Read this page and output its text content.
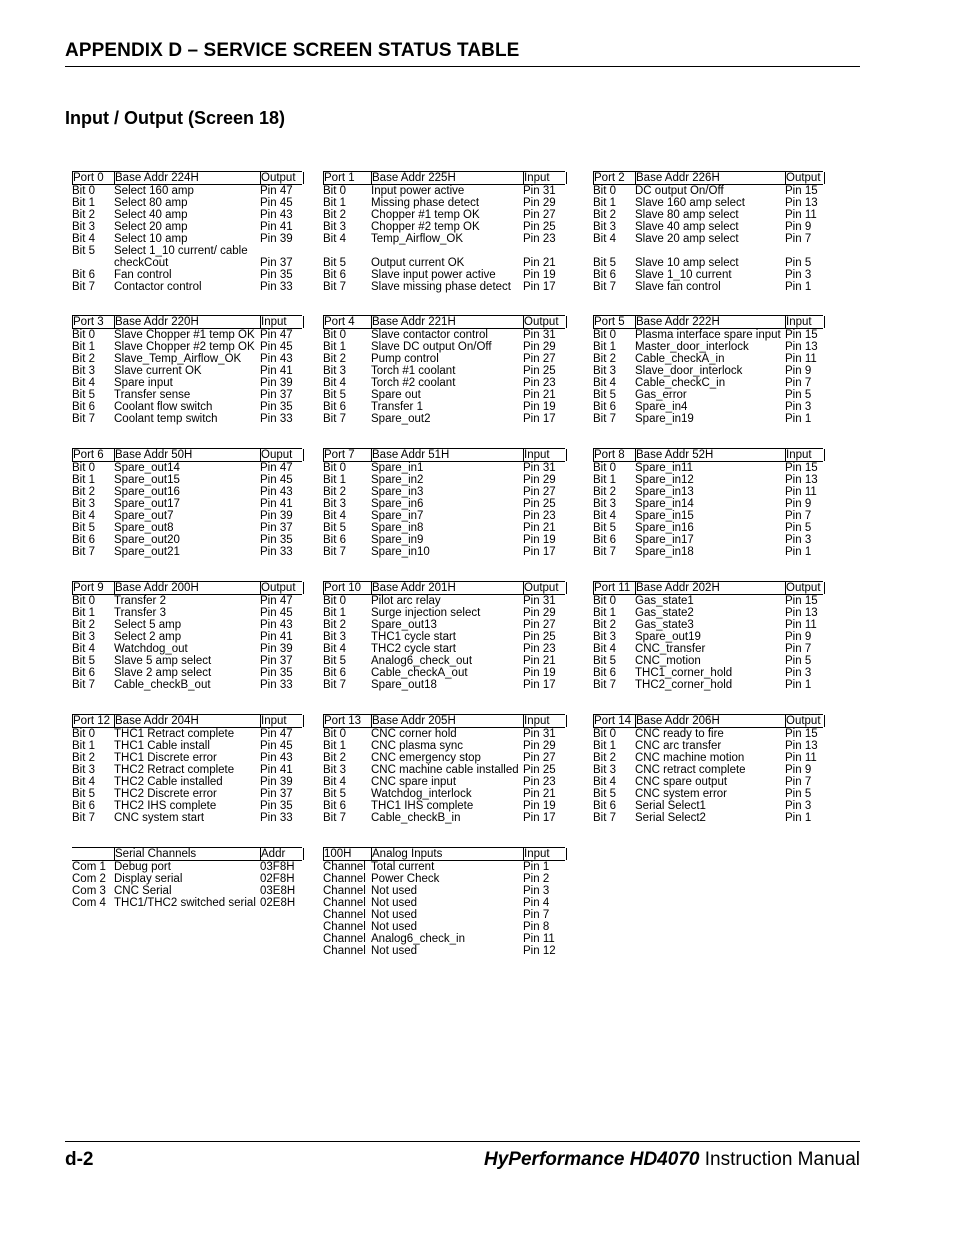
APPENDIX D – SERVICE SCREEN STATUS TABLE
Input / Output (Screen 18)
Port 0 Base Addr 224H	Output
Bit 0	Select 160 amp	Pin 47
Bit 1	Select 80 amp	Pin 45
Bit 2	Select 40 amp	Pin 43
Bit 3	Select 20 amp	Pin 41
Bit 4	Select 10 amp	Pin 39
Bit 5	Select 1_10 current/ cable checkCout	Pin 37
Bit 6	Fan control	Pin 35
Bit 7	Contactor control	Pin 33
Port 1	Base Addr 225H	Input
Bit 0	Input power active	Pin 31
Bit 1	Missing phase detect	Pin 29
Bit 2	Chopper #1 temp OK	Pin 27
Bit 3	Chopper #2 temp OK	Pin 25
Bit 4	Temp_Airflow_OK	Pin 23
Bit 5	Output current OK	Pin 21
Bit 6	Slave input power active	Pin 19
Bit 7	Slave missing phase detect	Pin 17
Port 2 Base Addr 226H	Output
Bit 0	DC output On/Off	Pin 15
Bit 1	Slave 160 amp select	Pin 13
Bit 2	Slave 80 amp select	Pin 11
Bit 3	Slave 40 amp select	Pin 9
Bit 4	Slave 20 amp select	Pin 7
Bit 5	Slave 10 amp select	Pin 5
Bit 6	Slave 1_10 current	Pin 3
Bit 7	Slave fan control	Pin 1
Port 3 Base Addr 220H	Input
Bit 0	Slave Chopper #1 temp OK Pin 47
Bit 1	Slave Chopper #2 temp OK Pin 45
Bit 2	Slave_Temp_Airflow_OK	Pin 43
Bit 3	Slave current OK	Pin 41
Bit 4	Spare input	Pin 39
Bit 5	Transfer sense	Pin 37
Bit 6	Coolant flow switch	Pin 35
Bit 7	Coolant temp switch	Pin 33
Port 4	Base Addr 221H	Output
Bit 0	Slave contactor control	Pin 31
Bit 1	Slave DC output On/Off	Pin 29
Bit 2	Pump control	Pin 27
Bit 3	Torch #1 coolant	Pin 25
Bit 4	Torch #2 coolant	Pin 23
Bit 5	Spare out	Pin 21
Bit 6	Transfer 1	Pin 19
Bit 7	Spare_out2	Pin 17
Port 5 Base Addr 222H	Input
Bit 0	Plasma interface spare input Pin 15
Bit 1	Master_door_interlock	Pin 13
Bit 2	Cable_checkA_in	Pin 11
Bit 3	Slave_door_interlock	Pin 9
Bit 4	Cable_checkC_in	Pin 7
Bit 5	Gas_error	Pin 5
Bit 6	Spare_in4	Pin 3
Bit 7	Spare_in19	Pin 1
Port 6 Base Addr 50H	Ouput
Bit 0	Spare_out14	Pin 47
Bit 1	Spare_out15	Pin 45
Bit 2	Spare_out16	Pin 43
Bit 3	Spare_out17	Pin 41
Bit 4	Spare_out7	Pin 39
Bit 5	Spare_out8	Pin 37
Bit 6	Spare_out20	Pin 35
Bit 7	Spare_out21	Pin 33
Port 7	Base Addr 51H	Input
Bit 0	Spare_in1	Pin 31
Bit 1	Spare_in2	Pin 29
Bit 2	Spare_in3	Pin 27
Bit 3	Spare_in6	Pin 25
Bit 4	Spare_in7	Pin 23
Bit 5	Spare_in8	Pin 21
Bit 6	Spare_in9	Pin 19
Bit 7	Spare_in10	Pin 17
Port 8 Base Addr 52H	Input
Bit 0	Spare_in11	Pin 15
Bit 1	Spare_in12	Pin 13
Bit 2	Spare_in13	Pin 11
Bit 3	Spare_in14	Pin 9
Bit 4	Spare_in15	Pin 7
Bit 5	Spare_in16	Pin 5
Bit 6	Spare_in17	Pin 3
Bit 7	Spare_in18	Pin 1
Port 9 Base Addr 200H	Output
Bit 0	Transfer 2	Pin 47
Bit 1	Transfer 3	Pin 45
Bit 2	Select 5 amp	Pin 43
Bit 3	Select 2 amp	Pin 41
Bit 4	Watchdog_out	Pin 39
Bit 5	Slave 5 amp select	Pin 37
Bit 6	Slave 2 amp select	Pin 35
Bit 7	Cable_checkB_out	Pin 33
Port 10 Base Addr 201H	Output
Bit 0	Pilot arc relay	Pin 31
Bit 1	Surge injection select	Pin 29
Bit 2	Spare_out13	Pin 27
Bit 3	THC1 cycle start	Pin 25
Bit 4	THC2 cycle start	Pin 23
Bit 5	Analog6_check_out	Pin 21
Bit 6	Cable_checkA_out	Pin 19
Bit 7	Spare_out18	Pin 17
Port 11 Base Addr 202H	Output
Bit 0	Gas_state1	Pin 15
Bit 1	Gas_state2	Pin 13
Bit 2	Gas_state3	Pin 11
Bit 3	Spare_out19	Pin 9
Bit 4	CNC_transfer	Pin 7
Bit 5	CNC_motion	Pin 5
Bit 6	THC1_corner_hold	Pin 3
Bit 7	THC2_corner_hold	Pin 1
Port 12 Base Addr 204H	Input
Bit 0	THC1 Retract complete	Pin 47
Bit 1	THC1 Cable install	Pin 45
Bit 2	THC1 Discrete error	Pin 43
Bit 3	THC2 Retract complete	Pin 41
Bit 4	THC2 Cable installed	Pin 39
Bit 5	THC2 Discrete error	Pin 37
Bit 6	THC2 IHS complete	Pin 35
Bit 7	CNC system start	Pin 33
Port 13 Base Addr 205H	Input
Bit 0	CNC corner hold	Pin 31
Bit 1	CNC plasma sync	Pin 29
Bit 2	CNC emergency stop	Pin 27
Bit 3	CNC machine cable installed Pin 25
Bit 4	CNC spare input	Pin 23
Bit 5	Watchdog_interlock	Pin 21
Bit 6	THC1 IHS complete	Pin 19
Bit 7	Cable_checkB_in	Pin 17
Port 14 Base Addr 206H	Output
Bit 0	CNC ready to fire	Pin 15
Bit 1	CNC arc transfer	Pin 13
Bit 2	CNC machine motion	Pin 11
Bit 3	CNC retract complete	Pin 9
Bit 4	CNC spare output	Pin 7
Bit 5	CNC system error	Pin 5
Bit 6	Serial Select1	Pin 3
Bit 7	Serial Select2	Pin 1
Serial Channels	Addr
Com 1 Debug port	03F8H
Com 2 Display serial	02F8H
Com 3 CNC Serial	03E8H
Com 4 THC1/THC2 switched serial 02E8H
100H	Analog Inputs	Input
Channel Total current	Pin 1
Channel Power Check	Pin 2
Channel Not used	Pin 3
Channel Not used	Pin 4
Channel Not used	Pin 7
Channel Not used	Pin 8
Channel Analog6_check_in	Pin 11
Channel Not used	Pin 12
d-2	HyPerformance HD4070 Instruction Manual
